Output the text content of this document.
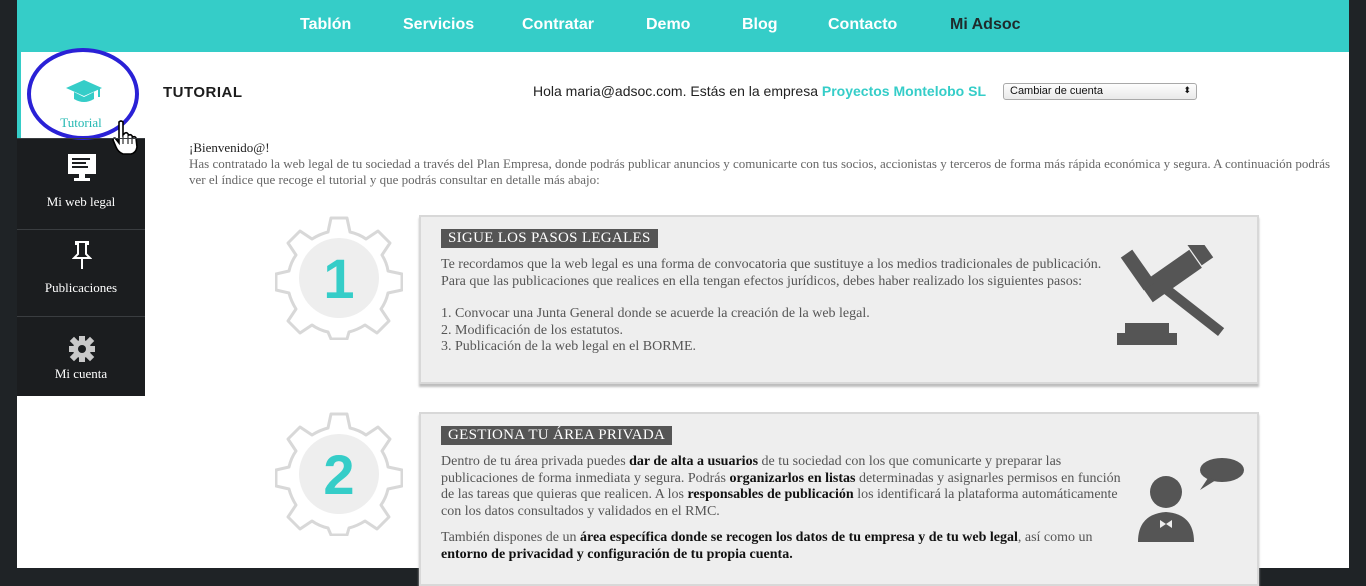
Tablón	Servicios	Contratar	Demo	Blog	Contacto	Mi Adsoc
Tutorial
Mi web legal
Publicaciones
Mi cuenta
TUTORIAL	Hola maria@adsoc.com. Estás en la empresa Proyectos Montelobo SL	Cambiar de cuenta	⬍
¡Bienvenido@!
Has contratado la web legal de tu sociedad a través del Plan Empresa, donde podrás publicar anuncios y comunicarte con tus socios, accionistas y terceros de forma más rápida económica y segura. A continuación podrás ver el índice que recoge el tutorial y que podrás consultar en detalle más abajo:
1
SIGUE LOS PASOS LEGALES
Te recordamos que la web legal es una forma de convocatoria que sustituye a los medios tradicionales de publicación. Para que las publicaciones que realices en ella tengan efectos jurídicos, debes haber realizado los siguientes pasos:
1. Convocar una Junta General donde se acuerde la creación de la web legal.
2. Modificación de los estatutos.
3. Publicación de la web legal en el BORME.
2
GESTIONA TU ÁREA PRIVADA
Dentro de tu área privada puedes dar de alta a usuarios de tu sociedad con los que comunicarte y preparar las publicaciones de forma inmediata y segura. Podrás organizarlos en listas determinadas y asignarles permisos en función de las tareas que quieras que realicen. A los responsables de publicación los identificará la plataforma automáticamente con los datos consultados y validados en el RMC.
También dispones de un área específica donde se recogen los datos de tu empresa y de tu web legal, así como un entorno de privacidad y configuración de tu propia cuenta.
